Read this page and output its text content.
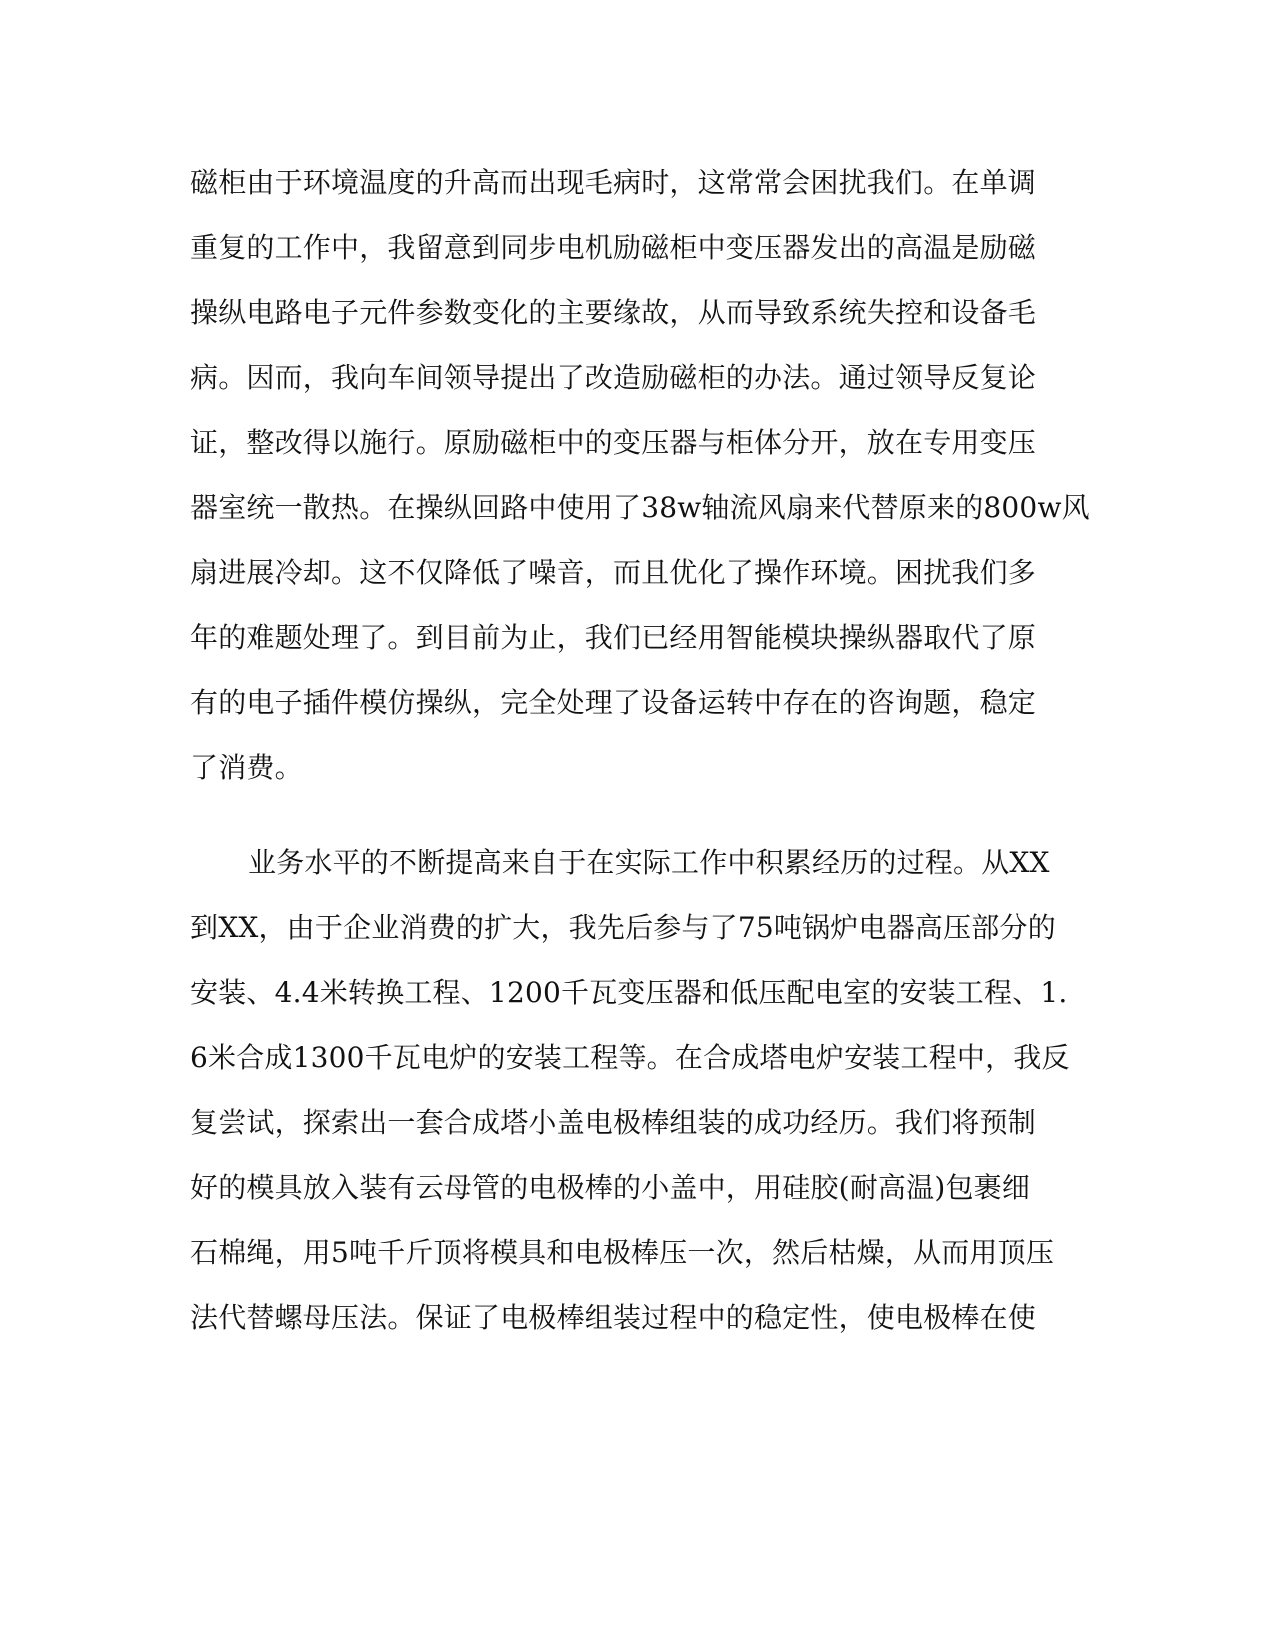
磁柜由于环境温度的升高而出现毛病时，这常常会困扰我们。在单调
重复的工作中，我留意到同步电机励磁柜中变压器发出的高温是励磁
操纵电路电子元件参数变化的主要缘故，从而导致系统失控和设备毛
病。因而，我向车间领导提出了改造励磁柜的办法。通过领导反复论
证，整改得以施行。原励磁柜中的变压器与柜体分开，放在专用变压
器室统一散热。在操纵回路中使用了38w轴流风扇来代替原来的800w风
扇进展冷却。这不仅降低了噪音，而且优化了操作环境。困扰我们多
年的难题处理了。到目前为止，我们已经用智能模块操纵器取代了原
有的电子插件模仿操纵，完全处理了设备运转中存在的咨询题，稳定
了消费。
业务水平的不断提高来自于在实际工作中积累经历的过程。从XX
到XX，由于企业消费的扩大，我先后参与了75吨锅炉电器高压部分的
安装、4.4米转换工程、1200千瓦变压器和低压配电室的安装工程、1.
6米合成1300千瓦电炉的安装工程等。在合成塔电炉安装工程中，我反
复尝试，探索出一套合成塔小盖电极棒组装的成功经历。我们将预制
好的模具放入装有云母管的电极棒的小盖中，用硅胶(耐高温)包裹细
石棉绳，用5吨千斤顶将模具和电极棒压一次，然后枯燥，从而用顶压
法代替螺母压法。保证了电极棒组装过程中的稳定性，使电极棒在使
